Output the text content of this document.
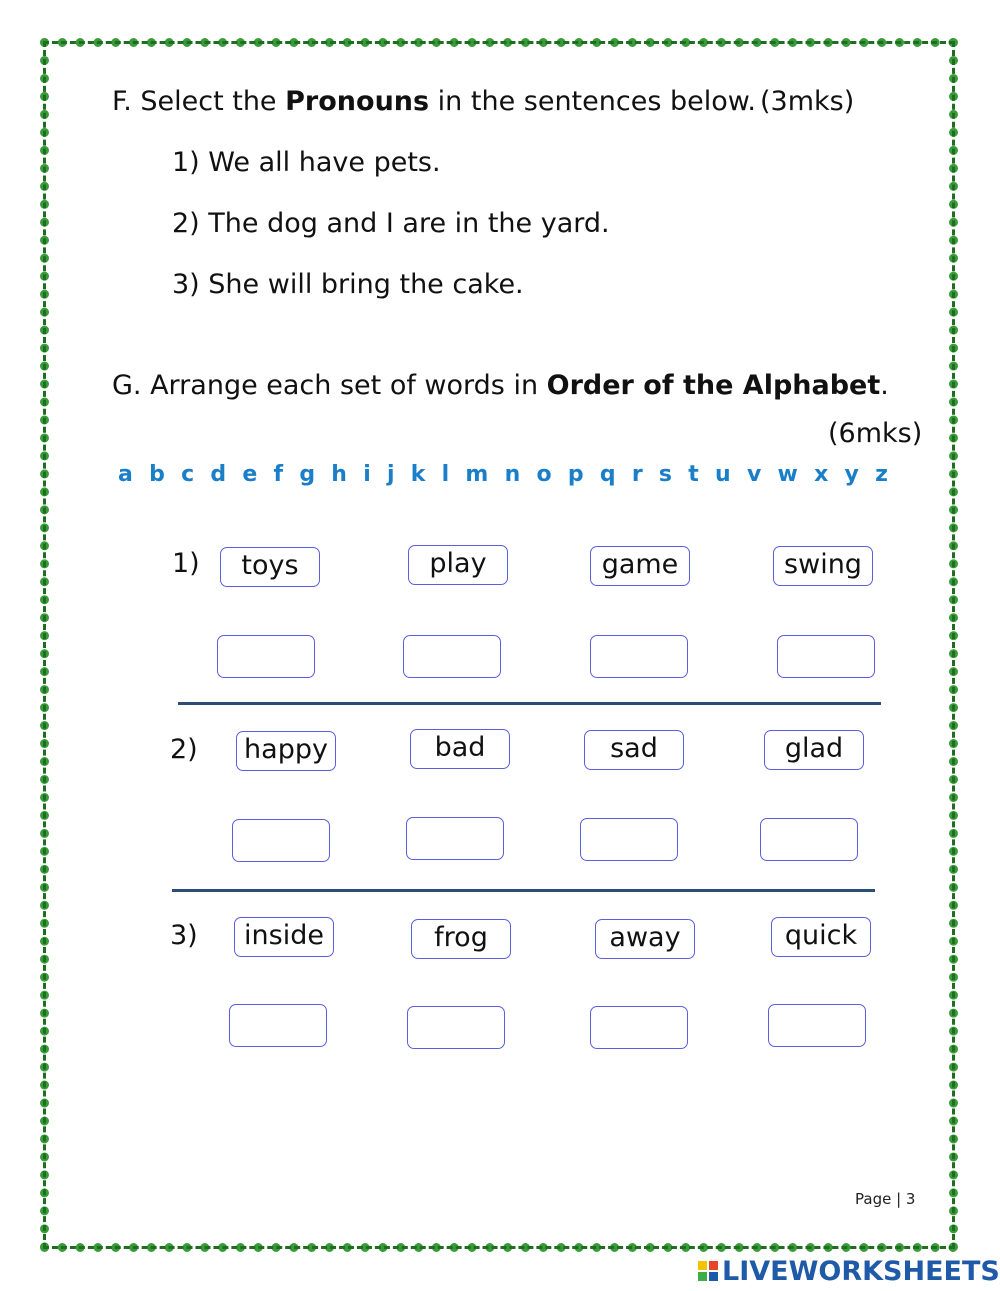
F. Select the Pronouns in the sentences below. (3mks)
1) We all have pets.
2) The dog and I are in the yard.
3) She will bring the cake.
G. Arrange each set of words in Order of the Alphabet.
(6mks)
a b c d e f g h i j k l m n o p q r s t u v w x y z
1)	toys	play	game	swing
2) happy	bad	sad	glad
3)	inside	frog	away	quick
Page | 3
LIVEWORKSHEETS
